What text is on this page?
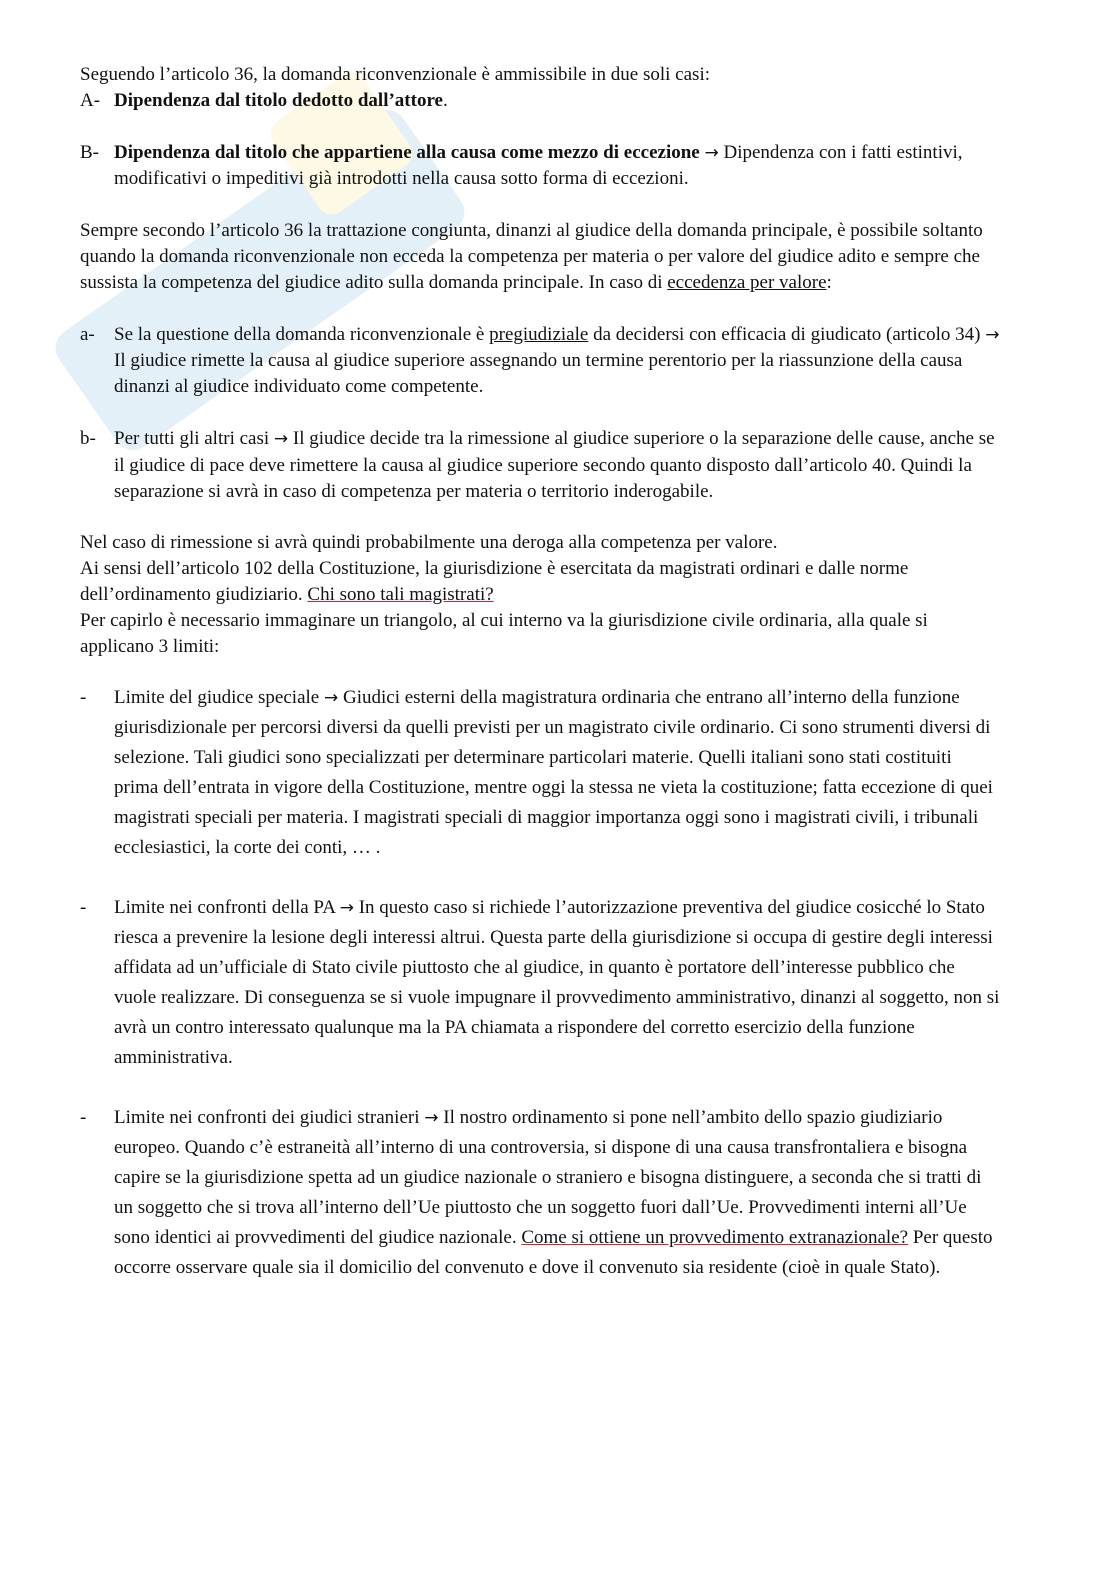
Seguendo l’articolo 36, la domanda riconvenzionale è ammissibile in due soli casi:

A- Dipendenza dal titolo dedotto dall’attore.
B- Dipendenza dal titolo che appartiene alla causa come mezzo di eccezione → Dipendenza con i fatti estintivi, modificativi o impeditivi già introdotti nella causa sotto forma di eccezioni.

Sempre secondo l’articolo 36 la trattazione congiunta, dinanzi al giudice della domanda principale, è possibile soltanto quando la domanda riconvenzionale non ecceda la competenza per materia o per valore del giudice adito e sempre che sussista la competenza del giudice adito sulla domanda principale. In caso di eccedenza per valore:

a-	Se la questione della domanda riconvenzionale è pregiudiziale da decidersi con efficacia di giudicato (articolo 34) → Il giudice rimette la causa al giudice superiore assegnando un termine perentorio per la riassunzione della causa dinanzi al giudice individuato come competente.
b- Per tutti gli altri casi → Il giudice decide tra la rimessione al giudice superiore o la separazione delle cause, anche se il giudice di pace deve rimettere la causa al giudice superiore secondo quanto disposto dall’articolo 40. Quindi la separazione si avrà in caso di competenza per materia o territorio inderogabile.

Nel caso di rimessione si avrà quindi probabilmente una deroga alla competenza per valore.

Ai sensi dell’articolo 102 della Costituzione, la giurisdizione è esercitata da magistrati ordinari e dalle norme dell’ordinamento giudiziario. Chi sono tali magistrati?

Per capirlo è necessario immaginare un triangolo, al cui interno va la giurisdizione civile ordinaria, alla quale si applicano 3 limiti:

-	Limite del giudice speciale → Giudici esterni della magistratura ordinaria che entrano all’interno della funzione giurisdizionale per percorsi diversi da quelli previsti per un magistrato civile ordinario. Ci sono strumenti diversi di selezione. Tali giudici sono specializzati per determinare particolari materie. Quelli italiani sono stati costituiti prima dell’entrata in vigore della Costituzione, mentre oggi la stessa ne vieta la costituzione; fatta eccezione di quei magistrati speciali per materia. I magistrati speciali di maggior importanza oggi sono i magistrati civili, i tribunali ecclesiastici, la corte dei conti, … .
-	Limite nei confronti della PA → In questo caso si richiede l’autorizzazione preventiva del giudice cosicché lo Stato riesca a prevenire la lesione degli interessi altrui. Questa parte della giurisdizione si occupa di gestire degli interessi affidata ad un’ufficiale di Stato civile piuttosto che al giudice, in quanto è portatore dell’interesse pubblico che vuole realizzare. Di conseguenza se si vuole impugnare il provvedimento amministrativo, dinanzi al soggetto, non si avrà un contro interessato qualunque ma la PA chiamata a rispondere del corretto esercizio della funzione amministrativa.
-	Limite nei confronti dei giudici stranieri → Il nostro ordinamento si pone nell’ambito dello spazio giudiziario europeo. Quando c’è estraneità all’interno di una controversia, si dispone di una causa transfrontaliera e bisogna capire se la giurisdizione spetta ad un giudice nazionale o straniero e bisogna distinguere, a seconda che si tratti di un soggetto che si trova all’interno dell’Ue piuttosto che un soggetto fuori dall’Ue. Provvedimenti interni all’Ue sono identici ai provvedimenti del giudice nazionale. Come si ottiene un provvedimento extranazionale? Per questo occorre osservare quale sia il domicilio del convenuto e dove il convenuto sia residente (cioè in quale Stato).
